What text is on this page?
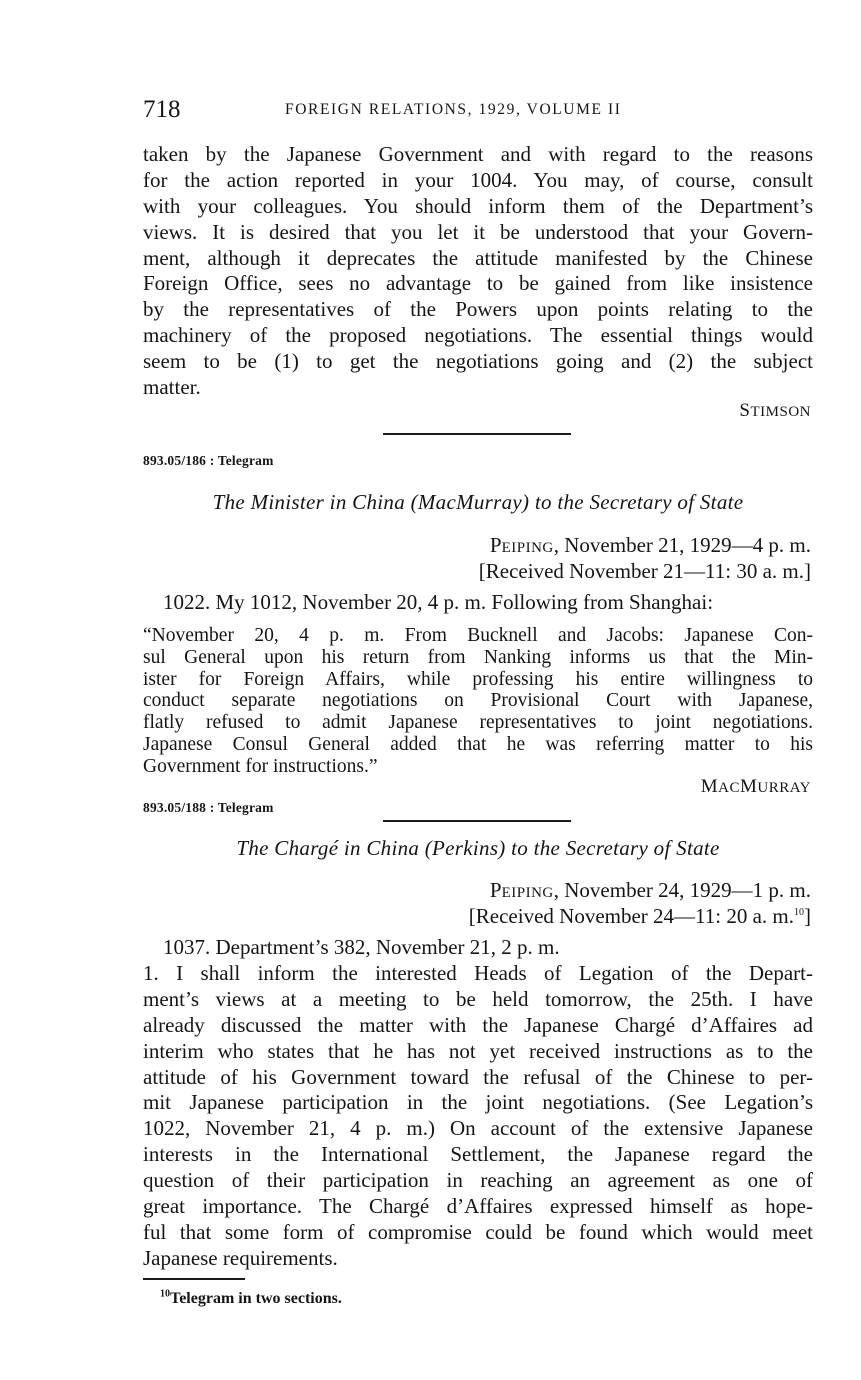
718	FOREIGN RELATIONS, 1929, VOLUME II
taken by the Japanese Government and with regard to the reasons
for the action reported in your 1004. You may, of course, consult
with your colleagues. You should inform them of the Department’s
views. It is desired that you let it be understood that your Govern-
ment, although it deprecates the attitude manifested by the Chinese
Foreign Office, sees no advantage to be gained from like insistence
by the representatives of the Powers upon points relating to the
machinery of the proposed negotiations. The essential things would
seem to be (1) to get the negotiations going and (2) the subject
matter.
STIMSON
893.05/186 : Telegram
The Minister in China (MacMurray) to the Secretary of State
PEIPING, November 21, 1929—4 p. m.
[Received November 21—11: 30 a. m.]
1022. My 1012, November 20, 4 p. m. Following from Shanghai:
“November 20, 4 p. m. From Bucknell and Jacobs: Japanese Con-
sul General upon his return from Nanking informs us that the Min-
ister for Foreign Affairs, while professing his entire willingness to
conduct separate negotiations on Provisional Court with Japanese,
flatly refused to admit Japanese representatives to joint negotiations.
Japanese Consul General added that he was referring matter to his
Government for instructions.”
MACMURRAY
893.05/188 : Telegram
The Chargé in China (Perkins) to the Secretary of State
PEIPING, November 24, 1929—1 p. m.
[Received November 24—11: 20 a. m.$^{10}$]
1037. Department’s 382, November 21, 2 p. m.
1. I shall inform the interested Heads of Legation of the Depart-
ment’s views at a meeting to be held tomorrow, the 25th. I have
already discussed the matter with the Japanese Chargé d’Affaires ad
interim who states that he has not yet received instructions as to the
attitude of his Government toward the refusal of the Chinese to per-
mit Japanese participation in the joint negotiations. (See Legation’s
1022, November 21, 4 p. m.) On account of the extensive Japanese
interests in the International Settlement, the Japanese regard the
question of their participation in reaching an agreement as one of
great importance. The Chargé d’Affaires expressed himself as hope-
ful that some form of compromise could be found which would meet
Japanese requirements.
$^{10}$Telegram in two sections.
